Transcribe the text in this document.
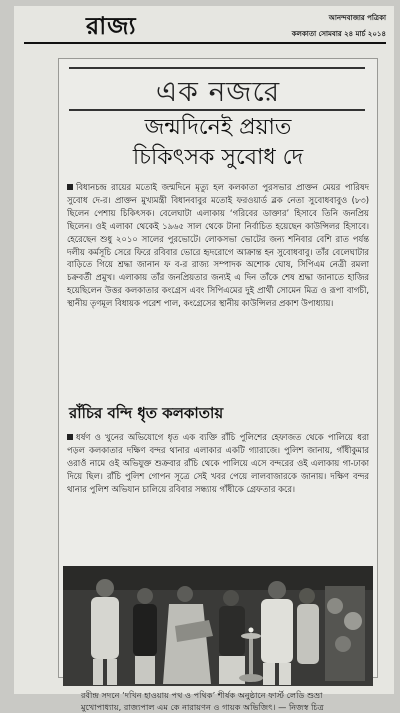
রাজ্য	আনন্দবাজার পত্রিকা
কলকাতা সোমবার ২৪ মার্চ ২০১৪
এক নজরে
জন্মদিনেই প্রয়াত
চিকিৎসক সুবোধ দে
বিধানচন্দ্র রায়ের মতোই জন্মদিনে মৃত্যু হল কলকাতা পুরসভার প্রাক্তন মেয়র পারিষদ সুবোধ দে-র। প্রাক্তন মুখ্যমন্ত্রী বিধানবাবুর মতোই ফরওয়ার্ড ব্লক নেতা সুবোধবাবুও (৮৩) ছিলেন পেশায় চিকিৎসক। বেলেঘাটা এলাকায় ‘গরিবের ডাক্তার’ হিসাবে তিনি জনপ্রিয় ছিলেন। ওই এলাকা থেকেই ১৯৬৫ সাল থেকে টানা নির্বাচিত হয়েছেন কাউন্সিলর হিসাবে। হেরেছেন শুধু ২০১০ সালের পুরভোটে। লোকসভা ভোটের জন্য শনিবার বেশি রাত পর্যন্ত দলীয় কর্মসূচি সেরে ফিরে রবিবার ভোরে হৃদরোগে আক্রান্ত হন সুবোধবাবু। তাঁর বেলেঘাটার বাড়িতে গিয়ে শ্রদ্ধা জানান ফ ব-র রাজ্য সম্পাদক অশোক ঘোষ, সিপিএম নেত্রী রমলা চক্রবর্তী প্রমুখ। এলাকায় তাঁর জনপ্রিয়তার জন্যই এ দিন তাঁকে শেষ শ্রদ্ধা জানাতে হাজির হয়েছিলেন উত্তর কলকাতার কংগ্রেস এবং সিপিএমের দুই প্রার্থী সোমেন মিত্র ও রূপা বাগচী, স্থানীয় তৃণমূল বিধায়ক পরেশ পাল, কংগ্রেসের স্থানীয় কাউন্সিলর প্রকাশ উপাধ্যায়।
রাঁচির বন্দি ধৃত কলকাতায়
ধর্ষণ ও খুনের অভিযোগে ধৃত এক ব্যক্তি রাঁচি পুলিশের হেফাজত থেকে পালিয়ে ধরা পড়ল কলকাতার দক্ষিণ বন্দর থানার এলাকার একটি গ্যারাজে। পুলিশ জানায়, গাঁধীকুমার ওরাওঁ নামে ওই অভিযুক্ত শুক্রবার রাঁচি থেকে পালিয়ে এসে বন্দরের ওই এলাকায় গা-ঢাকা দিয়ে ছিল। রাঁচি পুলিশ গোপন সূত্রে সেই খবর পেয়ে লালবাজারকে জানায়। দক্ষিণ বন্দর থানার পুলিশ অভিযান চালিয়ে রবিবার সন্ধ্যায় গাঁধীকে গ্রেফতার করে।
রবীন্দ্র সদনে ‘দখিন হাওয়ায় পথ ও পথিক’ শীর্ষক অনুষ্ঠানে ফার্স্ট লেডি শুভ্রা মুখোপাধ্যায়, রাজ্যপাল এম কে নারায়ণন ও গায়ক অভিজিৎ। — নিজস্ব চিত্র
